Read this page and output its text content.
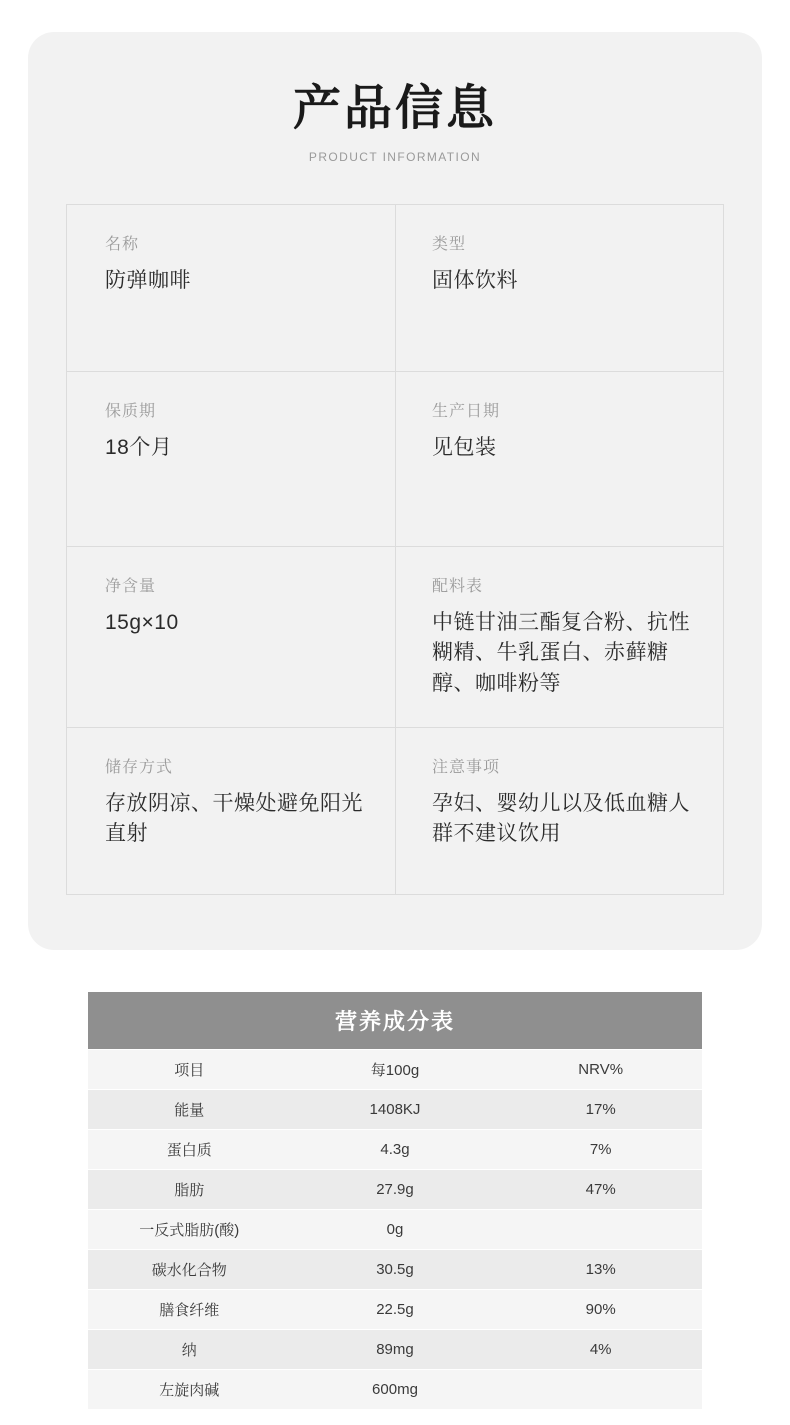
产品信息
PRODUCT INFORMATION
名称
防弹咖啡
类型
固体饮料
保质期
18个月
生产日期
见包装
净含量
15g×10
配料表
中链甘油三酯复合粉、抗性糊精、牛乳蛋白、赤藓糖醇、咖啡粉等
储存方式
存放阴凉、干燥处避免阳光直射
注意事项
孕妇、婴幼儿以及低血糖人群不建议饮用
营养成分表		
项目	每100g	NRV%
能量	1408KJ	17%
蛋白质	4.3g	7%
脂肪	27.9g	47%
一反式脂肪(酸)	0g	
碳水化合物	30.5g	13%
膳食纤维	22.5g	90%
纳	89mg	4%
左旋肉碱	600mg	
